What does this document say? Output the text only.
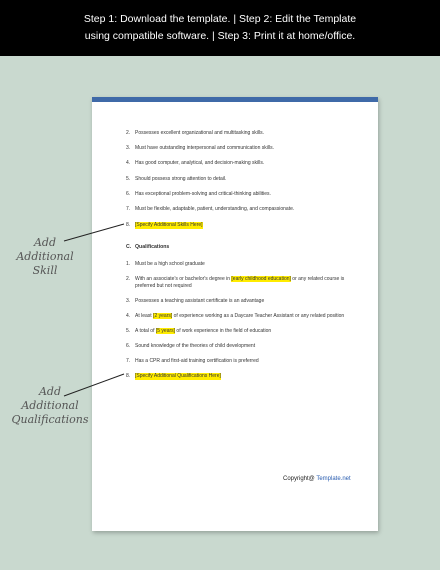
Step 1: Download the template. | Step 2: Edit the Template
using compatible software. | Step 3: Print it at home/office.
2. Possesses excellent organizational and multitasking skills.
3. Must have outstanding interpersonal and communication skills.
4. Has good computer, analytical, and decision-making skills.
5. Should possess strong attention to detail.
6. Has exceptional problem-solving and critical-thinking abilities.
7. Must be flexible, adaptable, patient, understanding, and compassionate.
8. [Specify Additional Skills Here]
C. Qualifications
1. Must be a high school graduate
2. With an associate's or bachelor's degree in [early childhood education] or any related course is
preferred but not required
3. Possesses a teaching assistant certificate is an advantage
4. At least [2 years] of experience working as a Daycare Teacher Assistant or any related position
5. A total of [5 years] of work experience in the field of education
6. Sound knowledge of the theories of child development
7. Has a CPR and first-aid training certification is preferred
8. [Specify Additional Qualifications Here]
Copyright@ Template.net
Add
Additional
Skill
Add
Additional
Qualifications
